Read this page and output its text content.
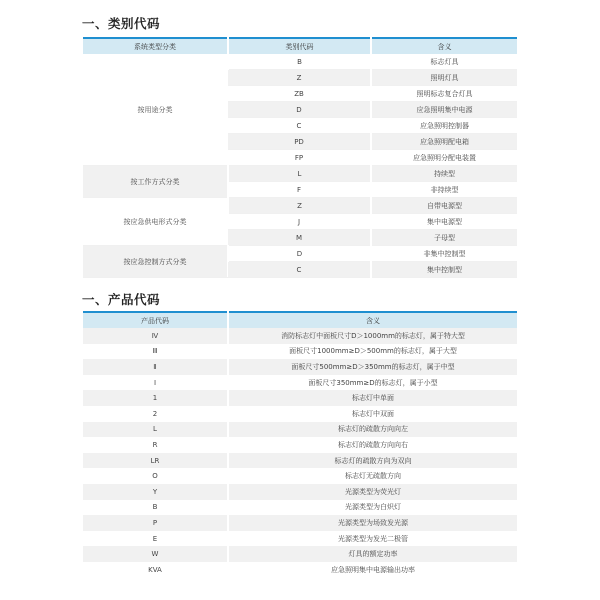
一、类别代码
系统类型分类	类别代码	含义
按用途分类	B	标志灯具
	Z	照明灯具
	ZB	照明标志复合灯具
	D	应急照明集中电源
	C	应急照明控制器
	PD	应急照明配电箱
	FP	应急照明分配电装置
按工作方式分类	L	持续型
	F	非持续型
按应急供电形式分类	Z	自带电源型
	J	集中电源型
	M	子母型
按应急控制方式分类	D	非集中控制型
	C	集中控制型
一、产品代码
产品代码	含义
Ⅳ	消防标志灯中面板尺寸D＞1000mm的标志灯，属于特大型
Ⅲ	面板尺寸1000mm≥D＞500mm的标志灯，属于大型
Ⅱ	面板尺寸500mm≥D＞350mm的标志灯，属于中型
Ⅰ	面板尺寸350mm≥D的标志灯，属于小型
1	标志灯中单面
2	标志灯中双面
L	标志灯的疏散方向向左
R	标志灯的疏散方向向右
LR	标志灯的疏散方向为双向
O	标志灯无疏散方向
Y	光源类型为荧光灯
B	光源类型为白炽灯
P	光源类型为场致发光源
E	光源类型为发光二极管
W	灯具的额定功率
KVA	应急照明集中电源输出功率
